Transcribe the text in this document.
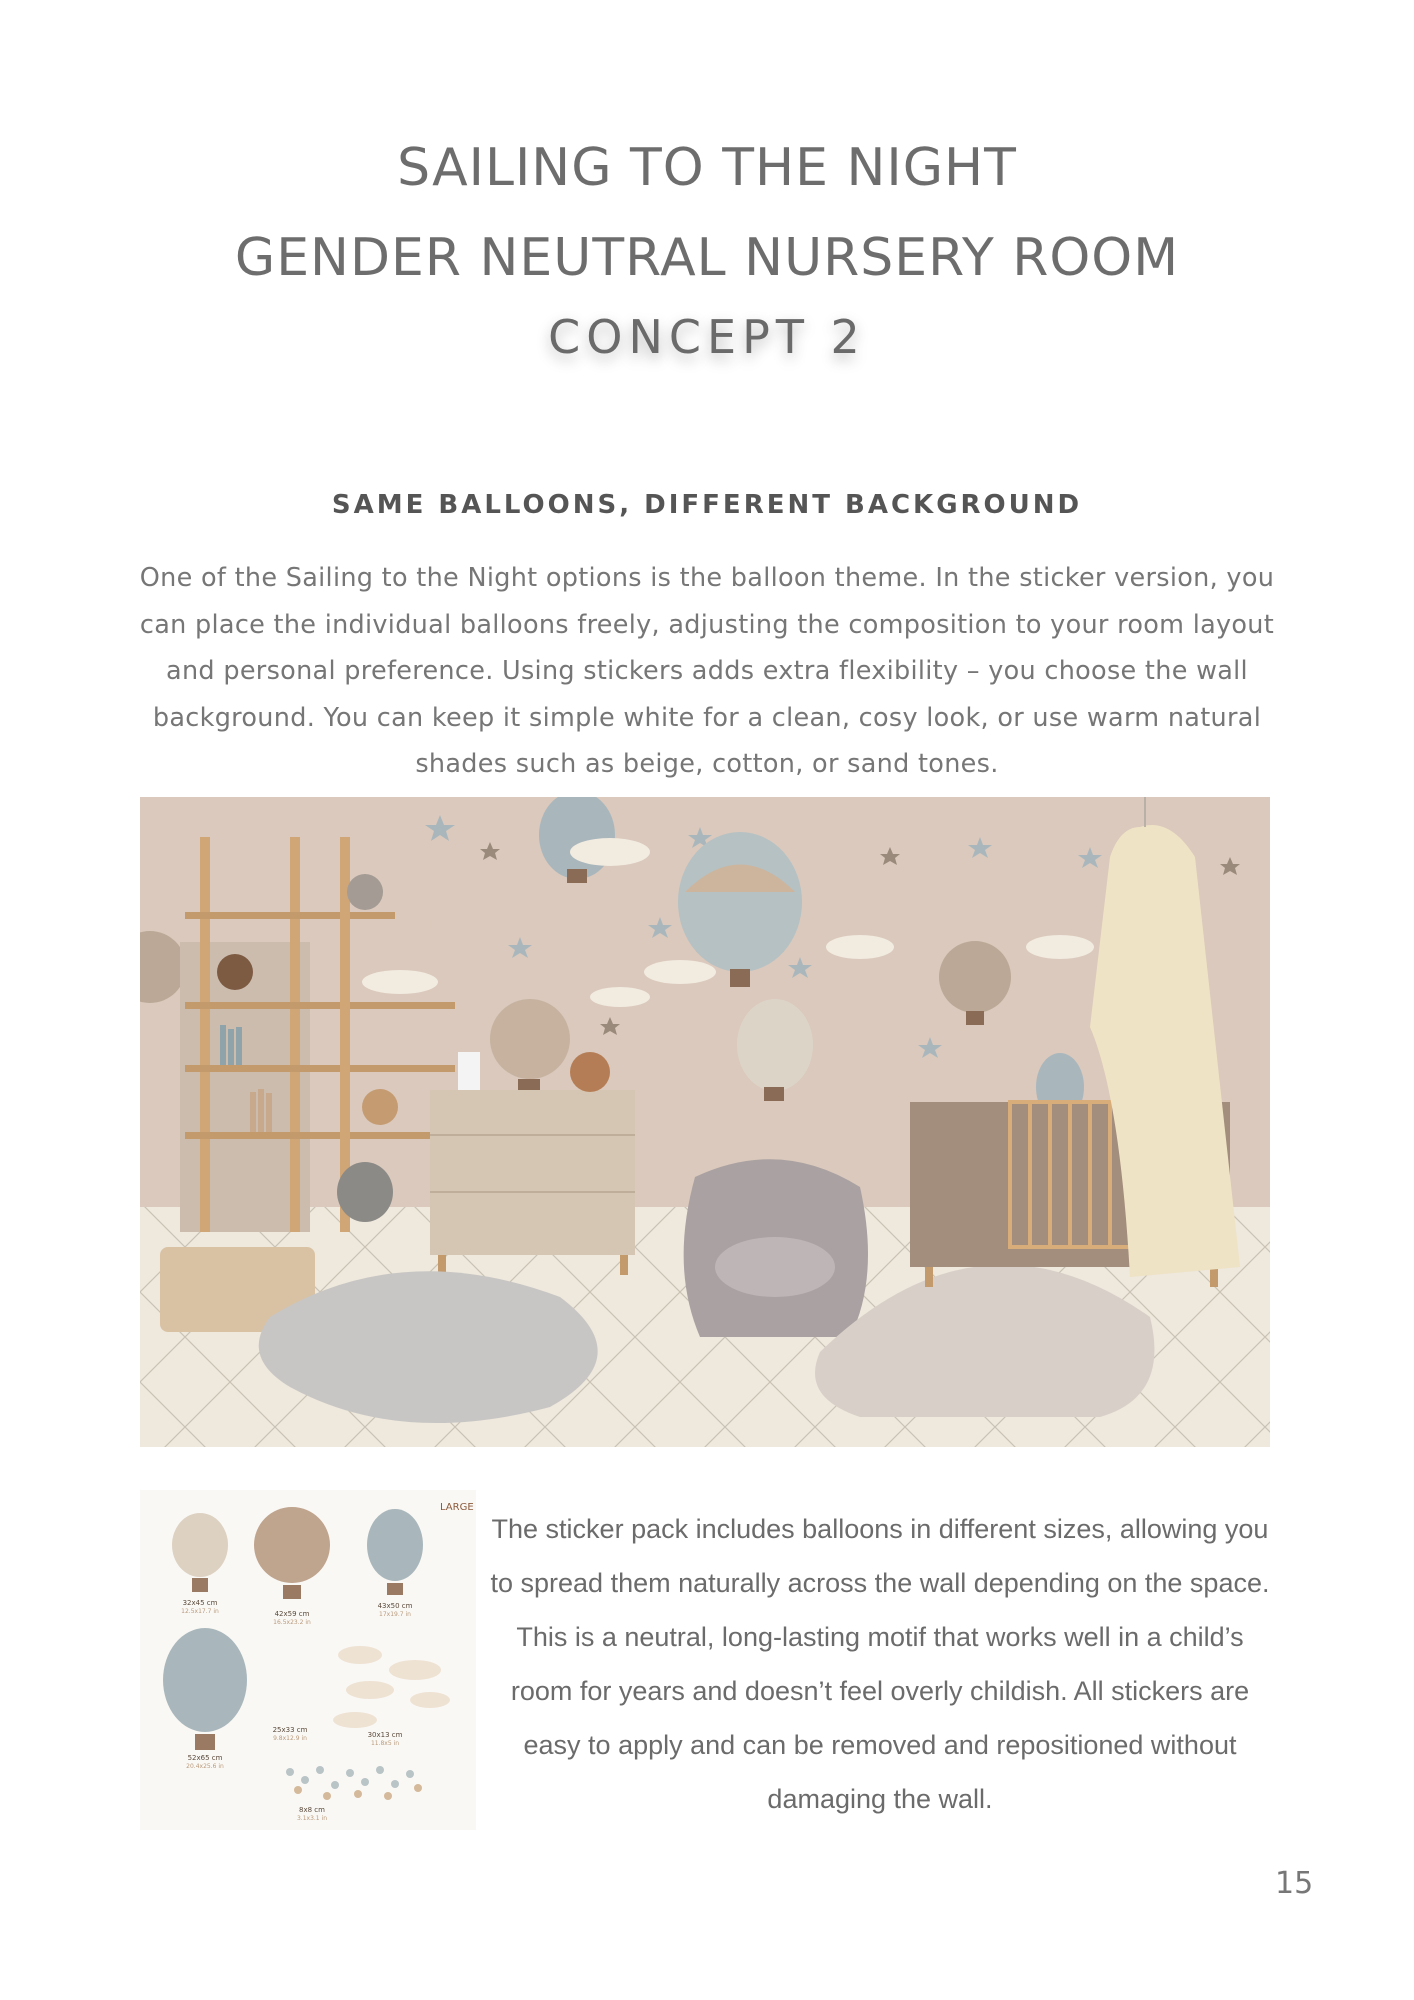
SAILING TO THE NIGHT
GENDER NEUTRAL NURSERY ROOM
CONCEPT 2
SAME BALLOONS, DIFFERENT BACKGROUND

One of the Sailing to the Night options is the balloon theme. In the sticker version, you can place the individual balloons freely, adjusting the composition to your room layout and personal preference. Using stickers adds extra flexibility – you choose the wall background. You can keep it simple white for a clean, cosy look, or use warm natural shades such as beige, cotton, or sand tones.

LARGE
32x45 cm
12.5x17.7 in	42x59 cm
16.5x23.2 in
43x50 cm
17x19.7 in
25x33 cm
9.8x12.9 in	30x13 cm
11.8x5 in
52x65 cm
20.4x25.6 in
8x8 cm
3.1x3.1 in

The sticker pack includes balloons in different sizes, allowing you to spread them naturally across the wall depending on the space. This is a neutral, long-lasting motif that works well in a child’s room for years and doesn’t feel overly childish. All stickers are easy to apply and can be removed and repositioned without damaging the wall.

15
